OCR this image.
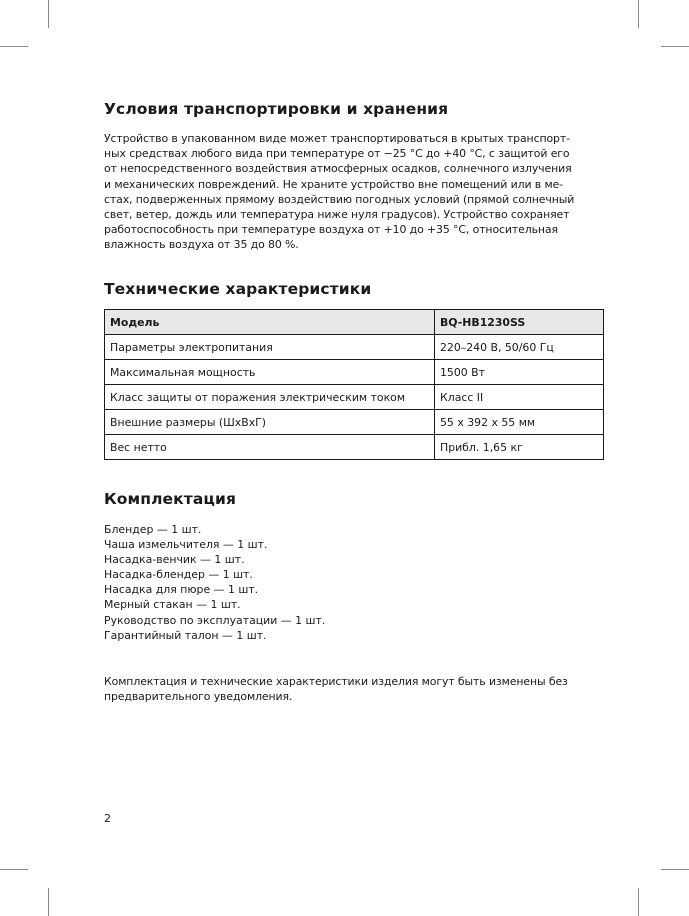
Условия транспортировки и хранения
Устройство в упакованном виде может транспортироваться в крытых транспорт-
ных средствах любого вида при температуре от −25 °C до +40 °C, с защитой его
от непосредственного воздействия атмосферных осадков, солнечного излучения
и механических повреждений. Не храните устройство вне помещений или в ме-
стах, подверженных прямому воздействию погодных условий (прямой солнечный
свет, ветер, дождь или температура ниже нуля градусов). Устройство сохраняет
работоспособность при температуре воздуха от +10 до +35 °C, относительная
влажность воздуха от 35 до 80 %.
Технические характеристики
Модель	BQ-HB1230SS
Параметры электропитания	220–240 В, 50/60 Гц
Максимальная мощность	1500 Вт
Класс защиты от поражения электрическим током	Класс II
Внешние размеры (ШхВхГ)	55 x 392 x 55 мм
Вес нетто	Прибл. 1,65 кг
Комплектация
Блендер — 1 шт.
Чаша измельчителя — 1 шт.
Насадка-венчик — 1 шт.
Насадка-блендер — 1 шт.
Насадка для пюре — 1 шт.
Мерный стакан — 1 шт.
Руководство по эксплуатации — 1 шт.
Гарантийный талон — 1 шт.
Комплектация и технические характеристики изделия могут быть изменены без
предварительного уведомления.
2
